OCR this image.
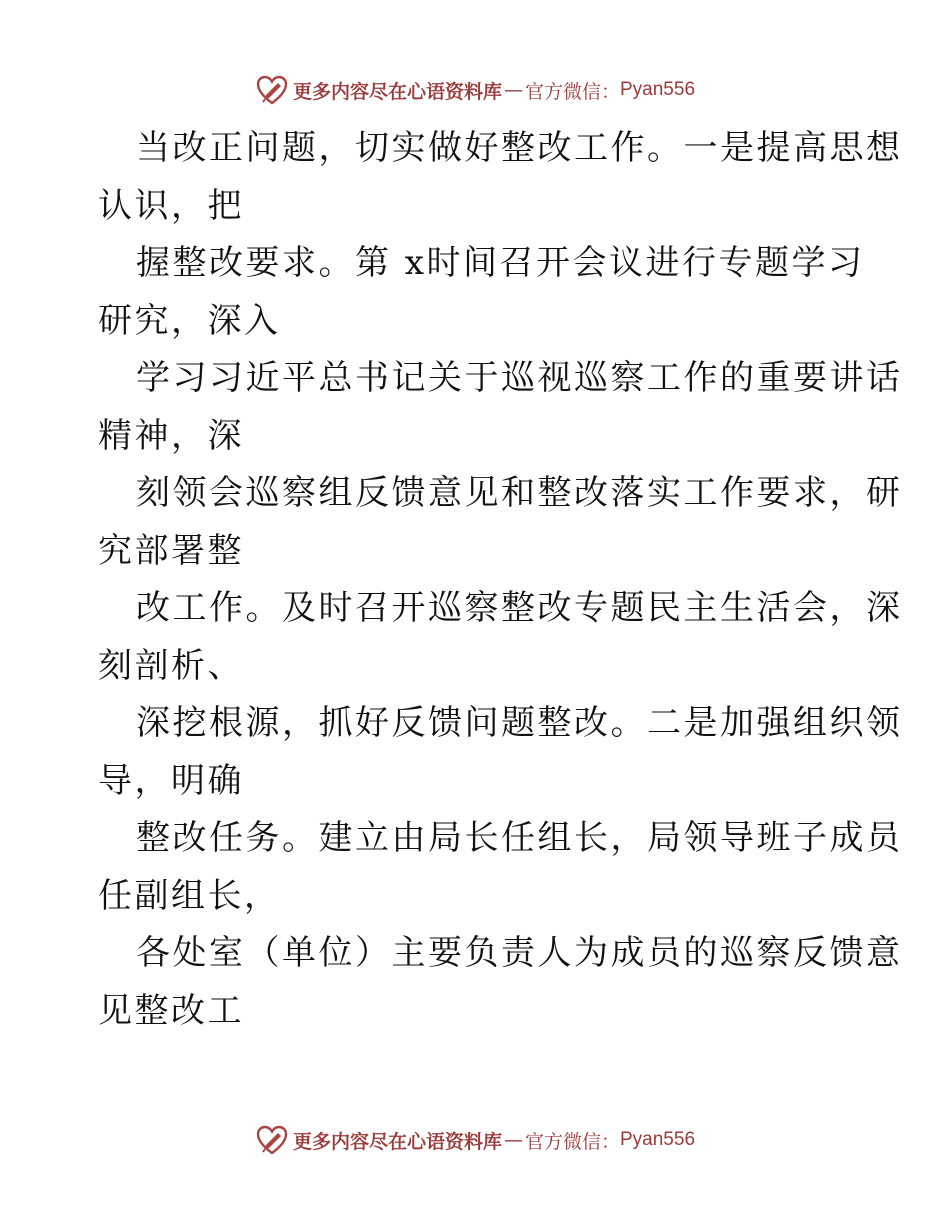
更多内容尽在心语资料库 — 官方微信： Pyan556
当改正问题，切实做好整改工作。一是提高思想
认识，把
握整改要求。第 x时间召开会议进行专题学习
研究，深入
学习习近平总书记关于巡视巡察工作的重要讲话
精神，深
刻领会巡察组反馈意见和整改落实工作要求，研
究部署整
改工作。及时召开巡察整改专题民主生活会，深
刻剖析、
深挖根源，抓好反馈问题整改。二是加强组织领
导，明确
整改任务。建立由局长任组长，局领导班子成员
任副组长，
各处室（单位）主要负责人为成员的巡察反馈意
见整改工
更多内容尽在心语资料库 — 官方微信： Pyan556
